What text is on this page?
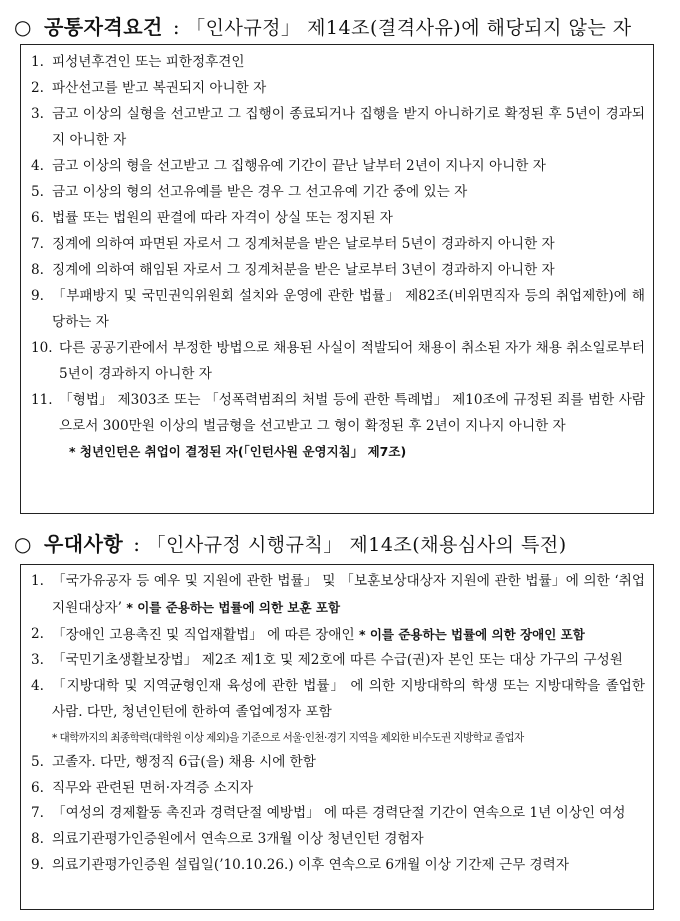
○ 공통자격요건 : 「인사규정」 제14조(결격사유)에 해당되지 않는 자
1. 피성년후견인 또는 피한정후견인
2. 파산선고를 받고 복권되지 아니한 자
3. 금고 이상의 실형을 선고받고 그 집행이 종료되거나 집행을 받지 아니하기로 확정된 후 5년이 경과되지 아니한 자
4. 금고 이상의 형을 선고받고 그 집행유예 기간이 끝난 날부터 2년이 지나지 아니한 자
5. 금고 이상의 형의 선고유예를 받은 경우 그 선고유예 기간 중에 있는 자
6. 법률 또는 법원의 판결에 따라 자격이 상실 또는 정지된 자
7. 징계에 의하여 파면된 자로서 그 징계처분을 받은 날로부터 5년이 경과하지 아니한 자
8. 징계에 의하여 해임된 자로서 그 징계처분을 받은 날로부터 3년이 경과하지 아니한 자
9. 「부패방지 및 국민권익위원회 설치와 운영에 관한 법률」 제82조(비위면직자 등의 취업제한)에 해당하는 자
10. 다른 공공기관에서 부정한 방법으로 채용된 사실이 적발되어 채용이 취소된 자가 채용 취소일로부터 5년이 경과하지 아니한 자
11. 「형법」 제303조 또는 「성폭력범죄의 처벌 등에 관한 특례법」 제10조에 규정된 죄를 범한 사람으로서 300만원 이상의 벌금형을 선고받고 그 형이 확정된 후 2년이 지나지 아니한 자
* 청년인턴은 취업이 결정된 자(「인턴사원 운영지침」 제7조)
○ 우대사항 : 「인사규정 시행규칙」 제14조(채용심사의 특전)
1. 「국가유공자 등 예우 및 지원에 관한 법률」 및 「보훈보상대상자 지원에 관한 법률」에 의한 ‘취업지원대상자’ * 이를 준용하는 법률에 의한 보훈 포함
2. 「장애인 고용촉진 및 직업재활법」 에 따른 장애인 * 이를 준용하는 법률에 의한 장애인 포함
3. 「국민기초생활보장법」 제2조 제1호 및 제2호에 따른 수급(권)자 본인 또는 대상 가구의 구성원
4. 「지방대학 및 지역균형인재 육성에 관한 법률」 에 의한 지방대학의 학생 또는 지방대학을 졸업한 사람. 다만, 청년인턴에 한하여 졸업예정자 포함
* 대학까지의 최종학력(대학원 이상 제외)을 기준으로 서울·인천·경기 지역을 제외한 비수도권 지방학교 졸업자
5. 고졸자. 다만, 행정직 6급(을) 채용 시에 한함
6. 직무와 관련된 면허·자격증 소지자
7. 「여성의 경제활동 촉진과 경력단절 예방법」 에 따른 경력단절 기간이 연속으로 1년 이상인 여성
8. 의료기관평가인증원에서 연속으로 3개월 이상 청년인턴 경험자
9. 의료기관평가인증원 설립일(’10.10.26.) 이후 연속으로 6개월 이상 기간제 근무 경력자
